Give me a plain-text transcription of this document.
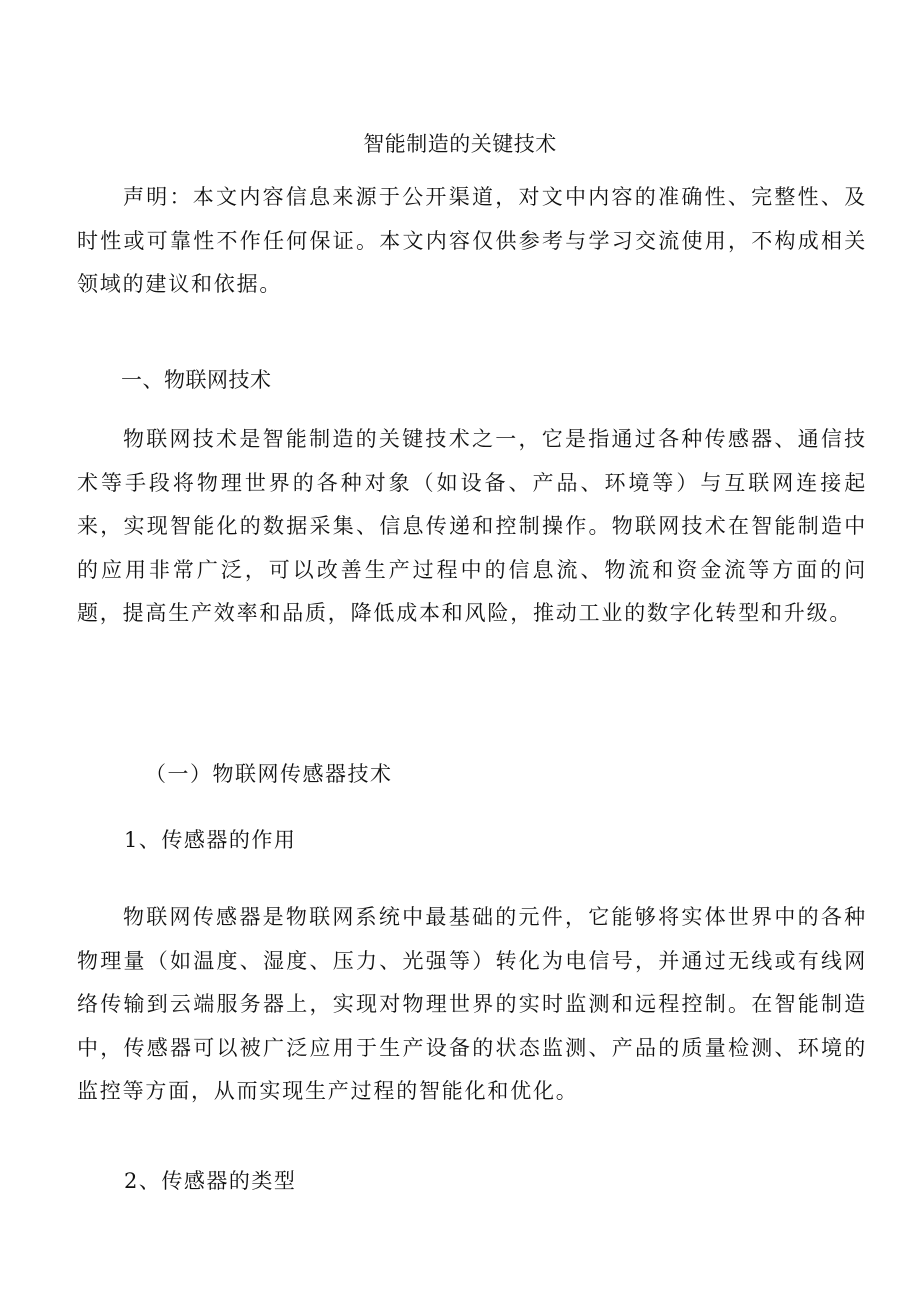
智能制造的关键技术

声明：本文内容信息来源于公开渠道，对文中内容的准确性、完整性、及时性或可靠性不作任何保证。本文内容仅供参考与学习交流使用，不构成相关领域的建议和依据。

一、物联网技术

物联网技术是智能制造的关键技术之一，它是指通过各种传感器、通信技术等手段将物理世界的各种对象（如设备、产品、环境等）与互联网连接起来，实现智能化的数据采集、信息传递和控制操作。物联网技术在智能制造中的应用非常广泛，可以改善生产过程中的信息流、物流和资金流等方面的问题，提高生产效率和品质，降低成本和风险，推动工业的数字化转型和升级。

（一）物联网传感器技术
1、传感器的作用

物联网传感器是物联网系统中最基础的元件，它能够将实体世界中的各种物理量（如温度、湿度、压力、光强等）转化为电信号，并通过无线或有线网络传输到云端服务器上，实现对物理世界的实时监测和远程控制。在智能制造中，传感器可以被广泛应用于生产设备的状态监测、产品的质量检测、环境的监控等方面，从而实现生产过程的智能化和优化。

2、传感器的类型
